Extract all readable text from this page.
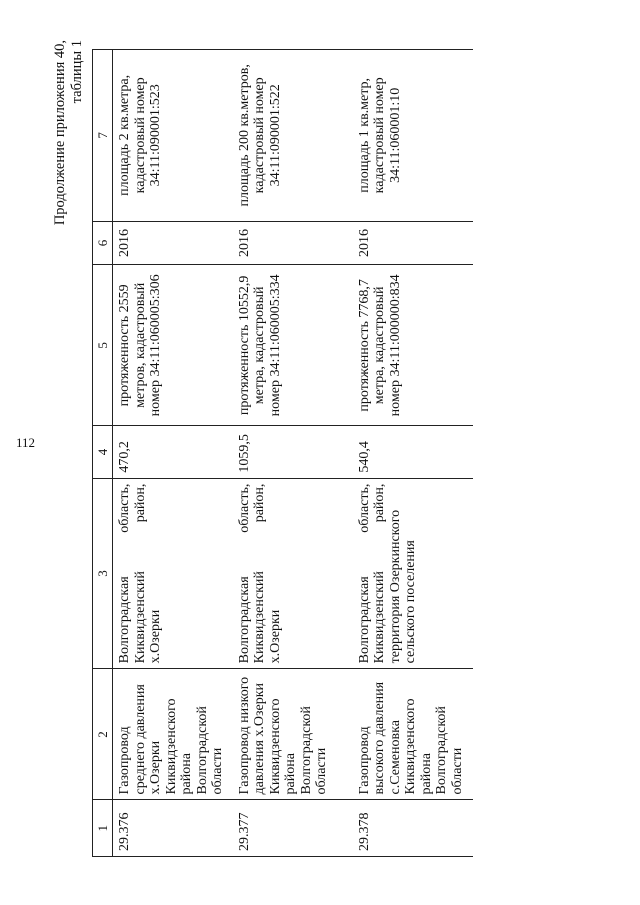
112
Продолжение приложения 40, таблицы 1
1	2	3	4	5	6	7
29.376	Газопровод среднего давления х.Озерки Киквидзенского района Волгоградской области	Волгоградская область, Киквидзенский район, х.Озерки	470,2	протяженность 2559 метров, кадастровый номер 34:11:060005:306	2016	площадь 2 кв.метра, кадастровый номер 34:11:090001:523
29.377	Газопровод низкого давления х.Озерки Киквидзенского района Волгоградской области	Волгоградская область, Киквидзенский район, х.Озерки	1059,5	протяженность 10552,9 метра, кадастровый номер 34:11:060005:334	2016	площадь 200 кв.метров, кадастровый номер 34:11:090001:522
29.378	Газопровод высокого давления с.Семеновка Киквидзенского района Волгоградской области	Волгоградская область, Киквидзенский район, территория Озеркинского сельского поселения	540,4	протяженность 7768,7 метра, кадастровый номер 34:11:000000:834	2016	площадь 1 кв.метр, кадастровый номер 34:11:060001:10
